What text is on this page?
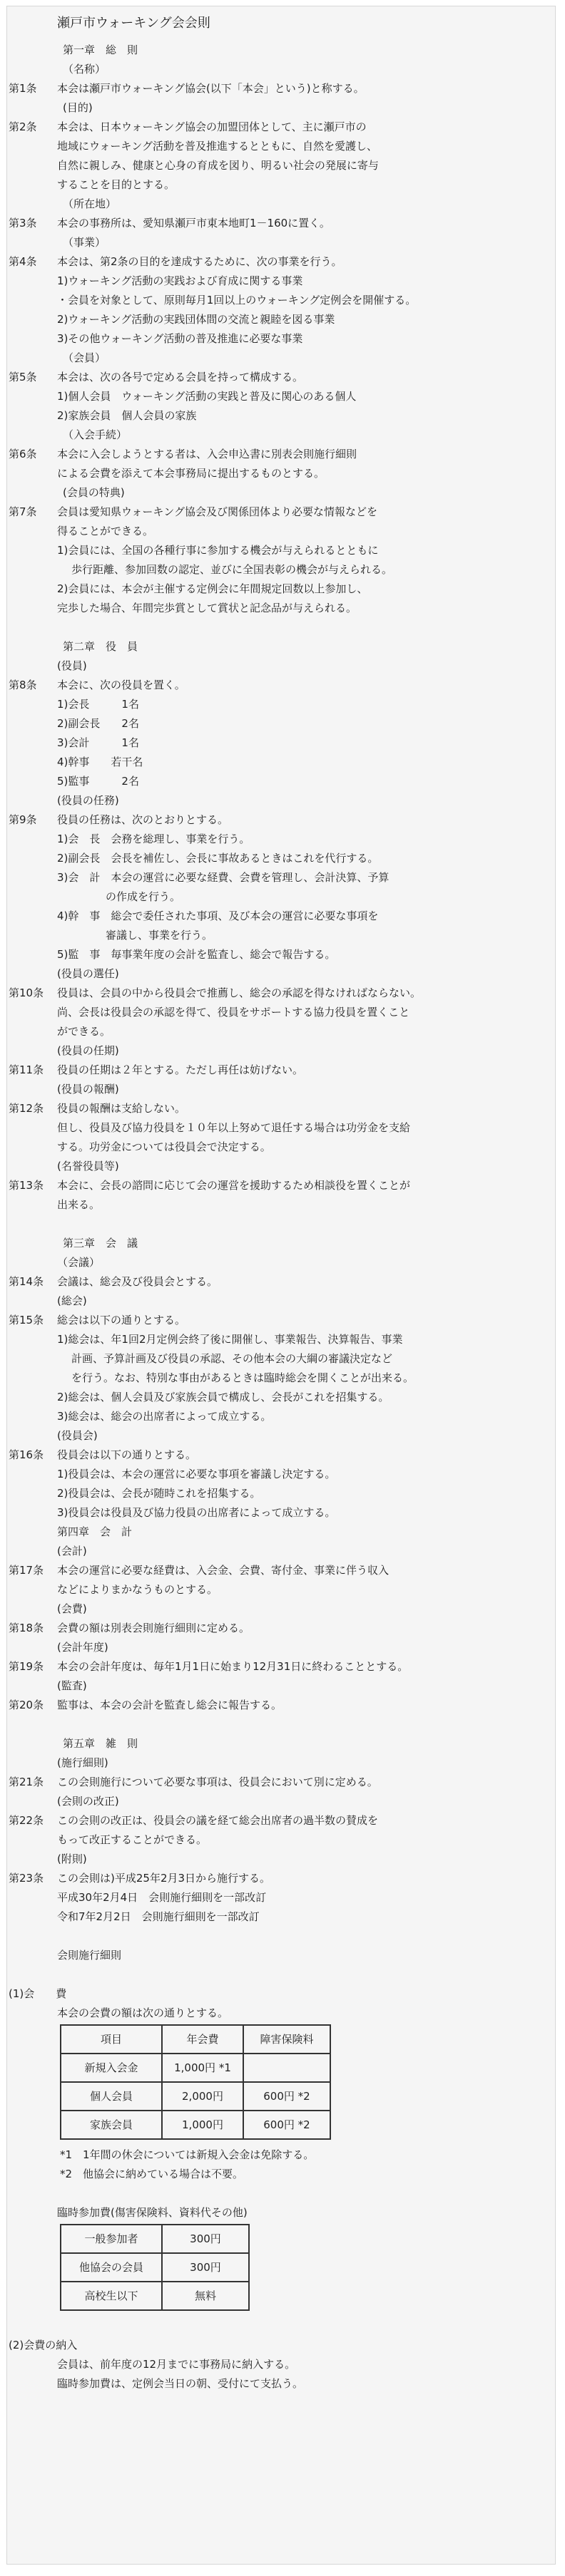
瀬戸市ウォーキング会会則
第一章　総　則
（名称）
第1条	本会は瀬戸市ウォーキング協会(以下「本会」という)と称する。
(目的)
第2条	本会は、日本ウォーキング協会の加盟団体として、主に瀬戸市の
地域にウォーキング活動を普及推進するとともに、自然を愛護し、
自然に親しみ、健康と心身の育成を図り、明るい社会の発展に寄与
することを目的とする。
（所在地）
第3条	本会の事務所は、愛知県瀬戸市東本地町1－160に置く。
（事業）
第4条	本会は、第2条の目的を達成するために、次の事業を行う。
1)ウォーキング活動の実践および育成に関する事業
・会員を対象として、原則毎月1回以上のウォーキング定例会を開催する。
2)ウォーキング活動の実践団体間の交流と親睦を図る事業
3)その他ウォーキング活動の普及推進に必要な事業
（会員）
第5条	本会は、次の各号で定める会員を持って構成する。
1)個人会員　ウォーキング活動の実践と普及に関心のある個人
2)家族会員　個人会員の家族
（入会手続）
第6条	本会に入会しようとする者は、入会申込書に別表会則施行細則
による会費を添えて本会事務局に提出するものとする。
(会員の特典)
第7条	会員は愛知県ウォーキング協会及び関係団体より必要な情報などを
得ることができる。
1)会員には、全国の各種行事に参加する機会が与えられるとともに
歩行距離、参加回数の認定、並びに全国表彰の機会が与えられる。
2)会員には、本会が主催する定例会に年間規定回数以上参加し、
完歩した場合、年間完歩賞として賞状と記念品が与えられる。
第二章　役　員
(役員)
第8条	本会に、次の役員を置く。
1)会長　　　1名
2)副会長　　2名
3)会計　　　1名
4)幹事　　若干名
5)監事　　　2名
(役員の任務)
第9条	役員の任務は、次のとおりとする。
1)会　長　会務を総理し、事業を行う。
2)副会長　会長を補佐し、会長に事故あるときはこれを代行する。
3)会　計　本会の運営に必要な経費、会費を管理し、会計決算、予算
の作成を行う。
4)幹　事　総会で委任された事項、及び本会の運営に必要な事項を
審議し、事業を行う。
5)監　事　毎事業年度の会計を監査し、総会で報告する。
(役員の選任)
第10条	役員は、会員の中から役員会で推薦し、総会の承認を得なければならない。
尚、会長は役員会の承認を得て、役員をサポートする協力役員を置くこと
ができる。
(役員の任期)
第11条	役員の任期は２年とする。ただし再任は妨げない。
(役員の報酬)
第12条	役員の報酬は支給しない。
但し、役員及び協力役員を１０年以上努めて退任する場合は功労金を支給
する。功労金については役員会で決定する。
(名誉役員等)
第13条	本会に、会長の諮問に応じて会の運営を援助するため相談役を置くことが
出来る。
第三章　会　議
（会議）
第14条	会議は、総会及び役員会とする。
(総会)
第15条	総会は以下の通りとする。
1)総会は、年1回2月定例会終了後に開催し、事業報告、決算報告、事業
計画、予算計画及び役員の承認、その他本会の大綱の審議決定など
を行う。なお、特別な事由があるときは臨時総会を開くことが出来る。
2)総会は、個人会員及び家族会員で構成し、会長がこれを招集する。
3)総会は、総会の出席者によって成立する。
(役員会)
第16条	役員会は以下の通りとする。
1)役員会は、本会の運営に必要な事項を審議し決定する。
2)役員会は、会長が随時これを招集する。
3)役員会は役員及び協力役員の出席者によって成立する。
第四章　会　計
(会計)
第17条	本会の運営に必要な経費は、入会金、会費、寄付金、事業に伴う収入
などによりまかなうものとする。
(会費)
第18条	会費の額は別表会則施行細則に定める。
(会計年度)
第19条	本会の会計年度は、毎年1月1日に始まり12月31日に終わることとする。
(監査)
第20条	監事は、本会の会計を監査し総会に報告する。
第五章　雑　則
(施行細則)
第21条	この会則施行について必要な事項は、役員会において別に定める。
(会則の改正)
第22条	この会則の改正は、役員会の議を経て総会出席者の過半数の賛成を
もって改正することができる。
(附則)
第23条	この会則は)平成25年2月3日から施行する。
平成30年2月4日　会則施行細則を一部改訂
令和7年2月2日　会則施行細則を一部改訂
会則施行細則
(1)会　　費
本会の会費の額は次の通りとする。
項目	年会費	障害保険料
新規入会金	1,000円 *1	
個人会員	2,000円	600円 *2
家族会員	1,000円	600円 *2
*1　1年間の休会については新規入会金は免除する。
*2　他協会に納めている場合は不要。
臨時参加費(傷害保険料、資料代その他)
一般参加者	300円
他協会の会員	300円
高校生以下	無料
(2)会費の納入
会員は、前年度の12月までに事務局に納入する。
臨時参加費は、定例会当日の朝、受付にて支払う。
